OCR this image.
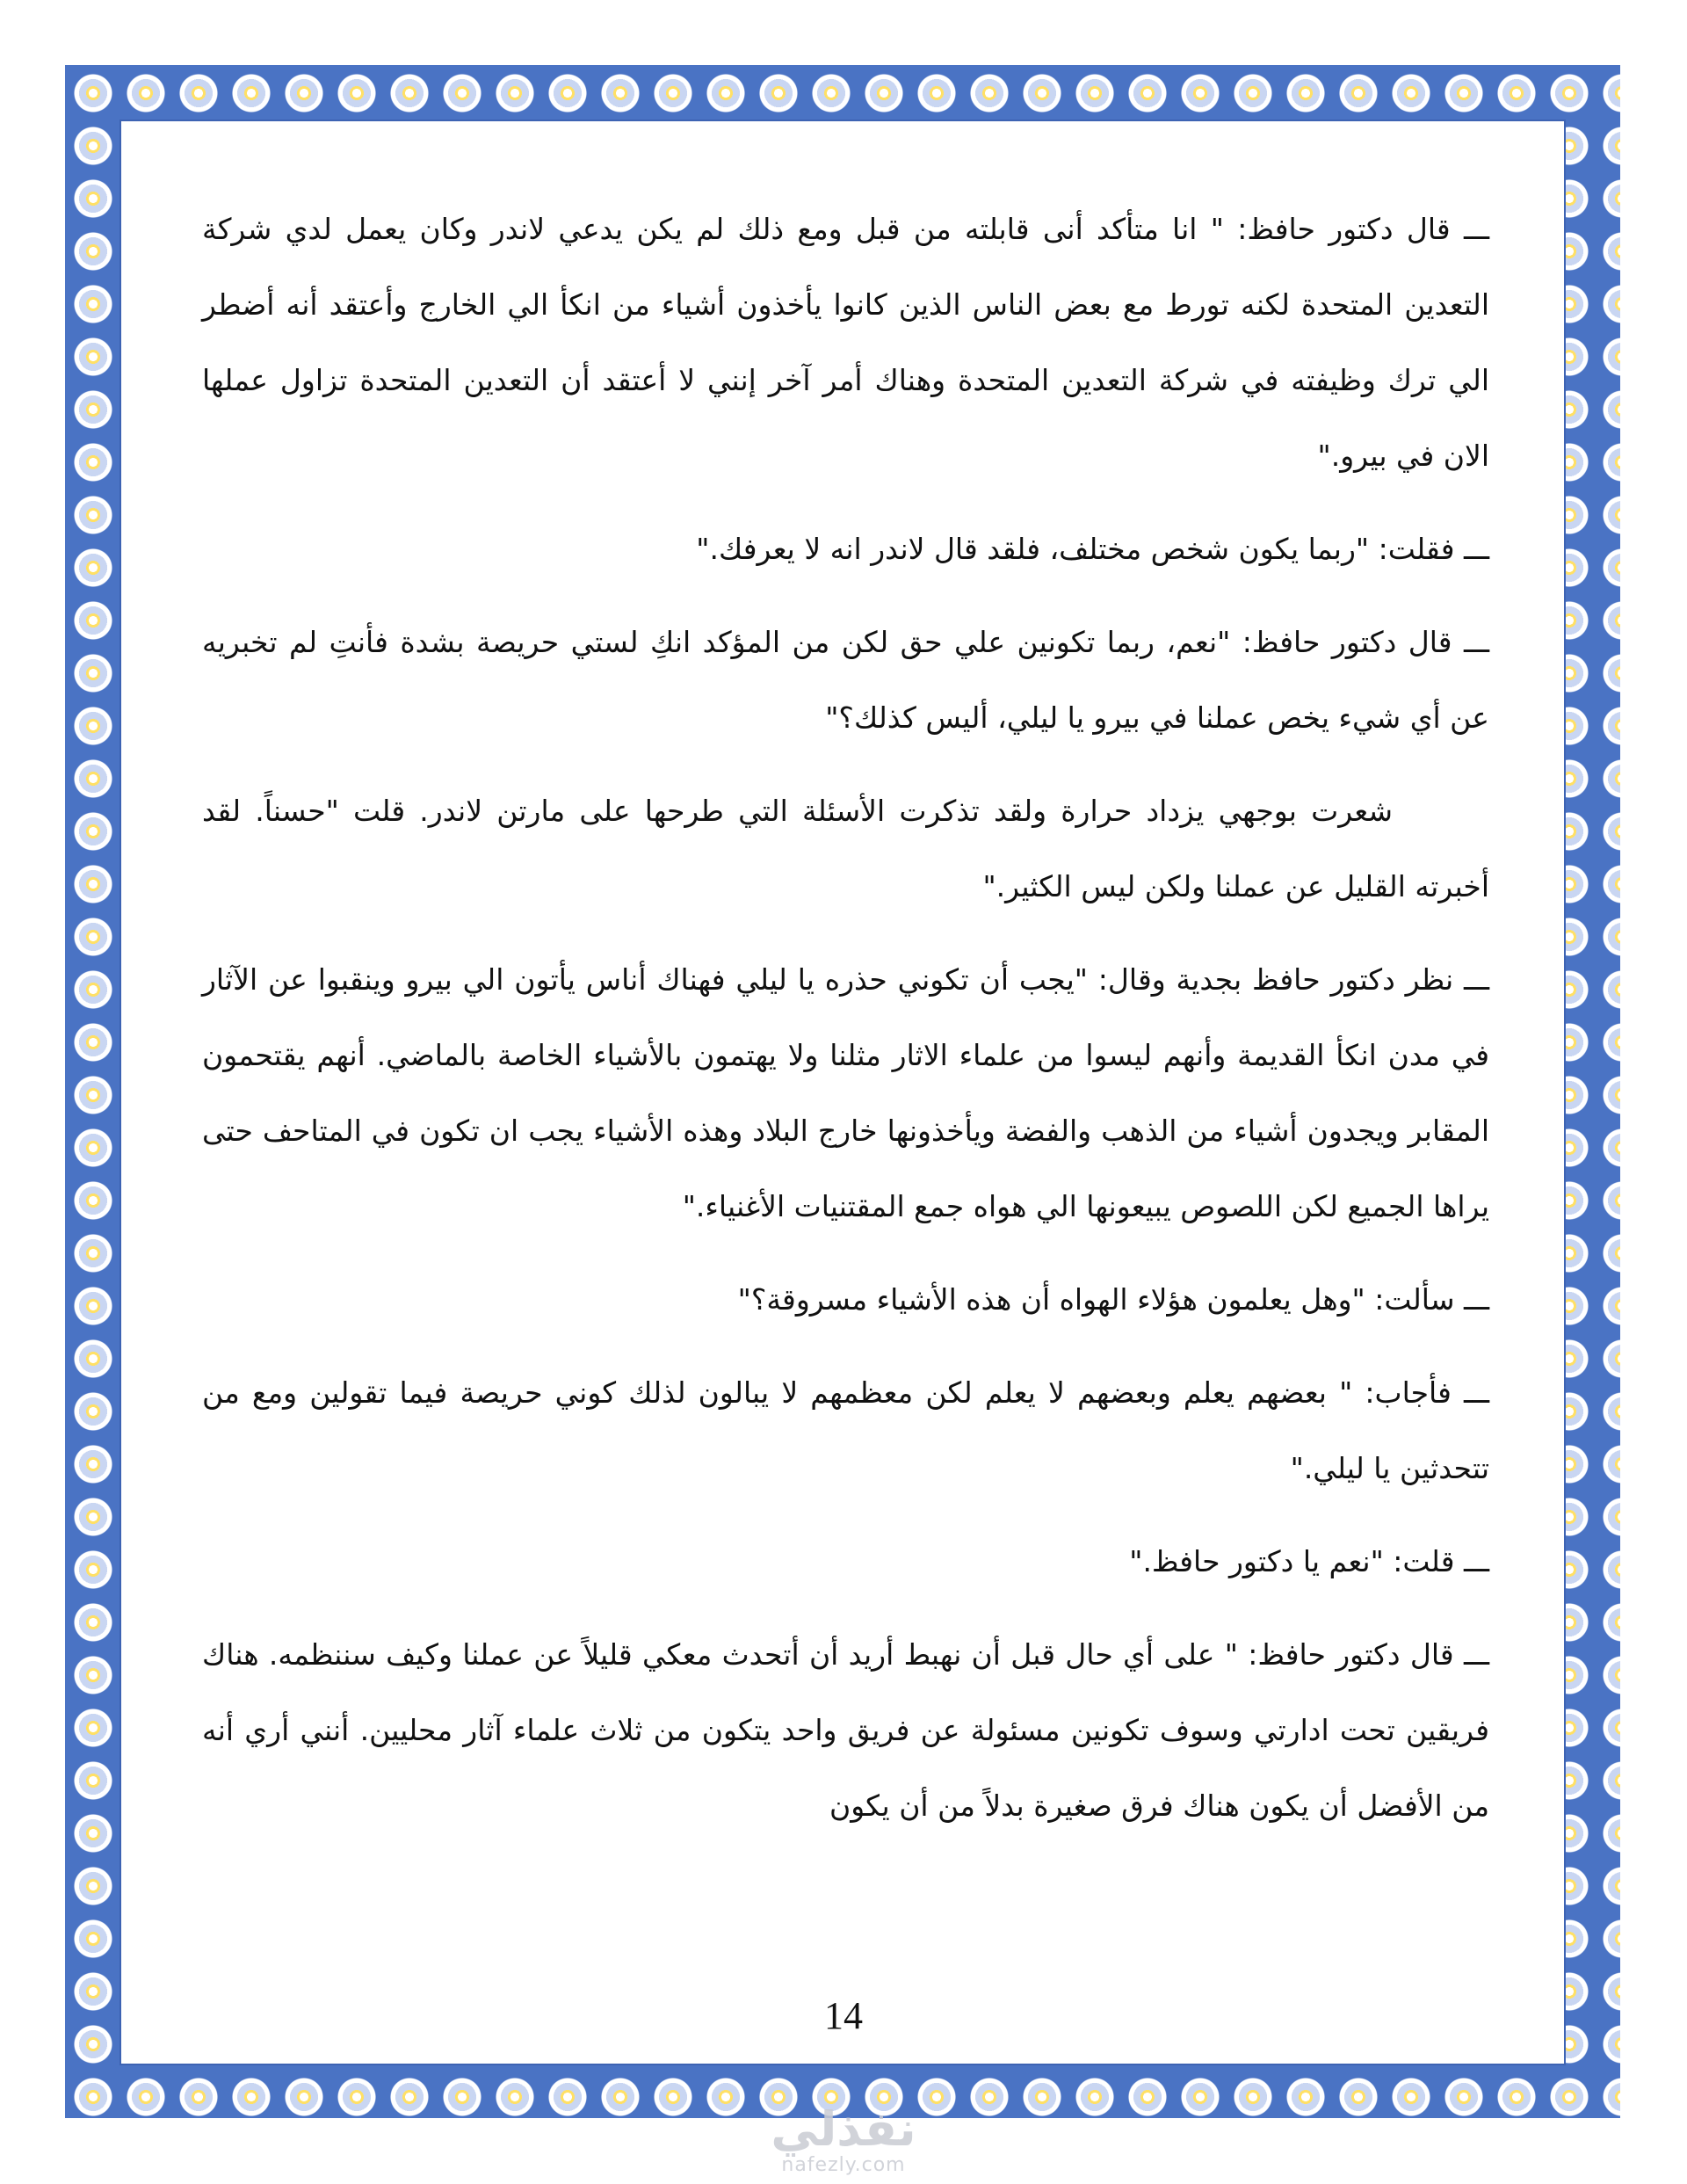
ـــ قال دكتور حافظ: " انا متأكد أنى قابلته من قبل ومع ذلك لم يكن يدعي لاندر وكان يعمل لدي شركة التعدين المتحدة لكنه تورط مع بعض الناس الذين كانوا يأخذون أشياء من انكأ الي الخارج وأعتقد أنه أضطر الي ترك وظيفته في شركة التعدين المتحدة وهناك أمر آخر إنني لا أعتقد أن التعدين المتحدة تزاول عملها الان في بيرو."

ـــ فقلت: "ربما يكون شخص مختلف، فلقد قال لاندر انه لا يعرفك."

ـــ قال دكتور حافظ: "نعم، ربما تكونين علي حق لكن من المؤكد انكِ لستي حريصة بشدة فأنتِ لم تخبريه عن أي شيء يخص عملنا في بيرو يا ليلي، أليس كذلك؟"

شعرت بوجهي يزداد حرارة ولقد تذكرت الأسئلة التي طرحها على مارتن لاندر. قلت "حسناً. لقد أخبرته القليل عن عملنا ولكن ليس الكثير."

ـــ نظر دكتور حافظ بجدية وقال: "يجب أن تكوني حذره يا ليلي فهناك أناس يأتون الي بيرو وينقبوا عن الآثار في مدن انكأ القديمة وأنهم ليسوا من علماء الاثار مثلنا ولا يهتمون بالأشياء الخاصة بالماضي. أنهم يقتحمون المقابر ويجدون أشياء من الذهب والفضة ويأخذونها خارج البلاد وهذه الأشياء يجب ان تكون في المتاحف حتى يراها الجميع لكن اللصوص يبيعونها الي هواه جمع المقتنيات الأغنياء."

ـــ سألت: "وهل يعلمون هؤلاء الهواه أن هذه الأشياء مسروقة؟"

ـــ فأجاب: " بعضهم يعلم وبعضهم لا يعلم لكن معظمهم لا يبالون لذلك كوني حريصة فيما تقولين ومع من تتحدثين يا ليلي."

ـــ قلت: "نعم يا دكتور حافظ."

ـــ قال دكتور حافظ: " على أي حال قبل أن نهبط أريد أن أتحدث معكي قليلاً عن عملنا وكيف سننظمه. هناك فريقين تحت ادارتي وسوف تكونين مسئولة عن فريق واحد يتكون من ثلاث علماء آثار محليين. أنني أري أنه من الأفضل أن يكون هناك فرق صغيرة بدلاً من أن يكون

14
نفذلي
nafezly.com
